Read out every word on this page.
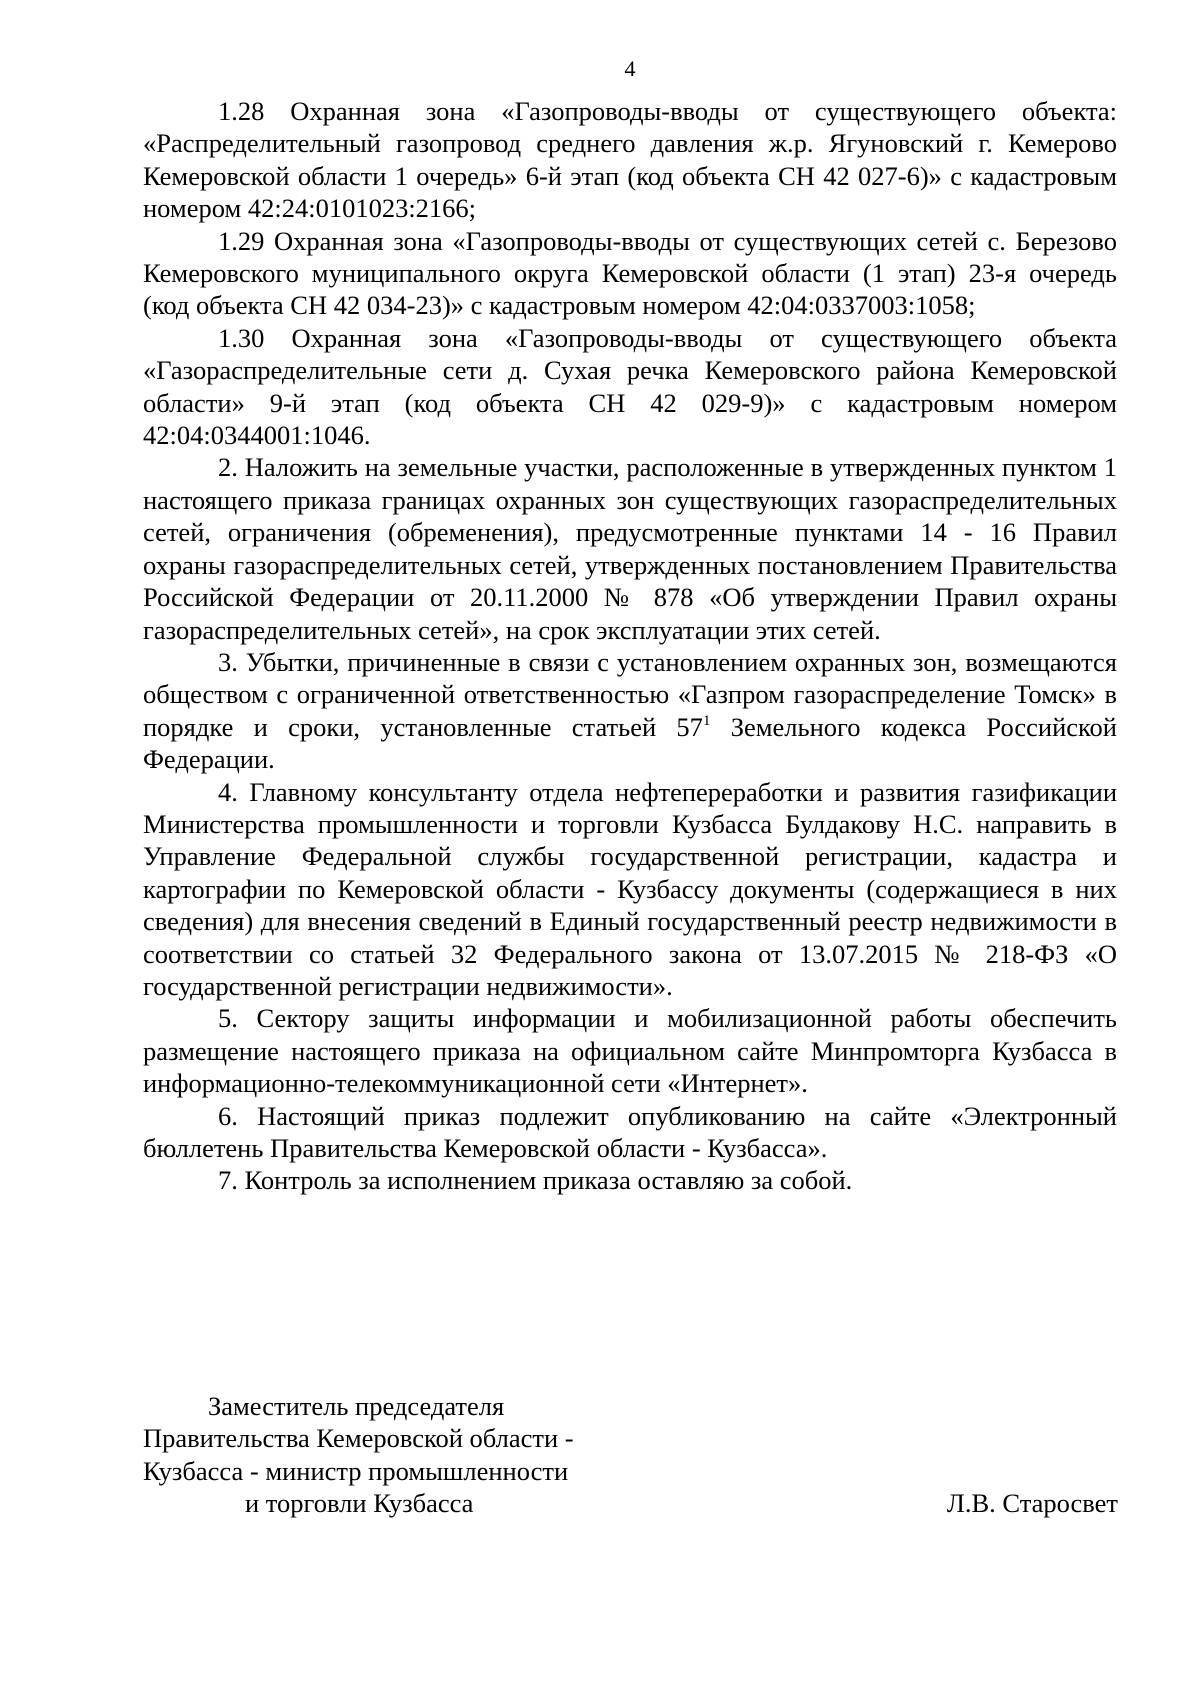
4

1.28 Охранная зона «Газопроводы-вводы от существующего объекта: «Распределительный газопровод среднего давления ж.р. Ягуновский г. Кемерово Кемеровской области 1 очередь» 6-й этап (код объекта СН 42 027-6)» с кадастровым номером 42:24:0101023:2166;

1.29 Охранная зона «Газопроводы-вводы от существующих сетей с. Березово Кемеровского муниципального округа Кемеровской области (1 этап) 23-я очередь (код объекта СН 42 034-23)» с кадастровым номером 42:04:0337003:1058;

1.30 Охранная зона «Газопроводы-вводы от существующего объекта «Газораспределительные сети д. Сухая речка Кемеровского района Кемеровской области» 9-й этап (код объекта СН 42 029-9)» с кадастровым номером 42:04:0344001:1046.

2. Наложить на земельные участки, расположенные в утвержденных пунктом 1 настоящего приказа границах охранных зон существующих газораспределительных сетей, ограничения (обременения), предусмотренные пунктами 14 - 16 Правил охраны газораспределительных сетей, утвержденных постановлением Правительства Российской Федерации от 20.11.2000 № 878 «Об утверждении Правил охраны газораспределительных сетей», на срок эксплуатации этих сетей.

3. Убытки, причиненные в связи с установлением охранных зон, возмещаются обществом с ограниченной ответственностью «Газпром газораспределение Томск» в порядке и сроки, установленные статьей $57^1$ Земельного кодекса Российской Федерации.

4. Главному консультанту отдела нефтепереработки и развития газификации Министерства промышленности и торговли Кузбасса Булдакову Н.С. направить в Управление Федеральной службы государственной регистрации, кадастра и картографии по Кемеровской области - Кузбассу документы (содержащиеся в них сведения) для внесения сведений в Единый государственный реестр недвижимости в соответствии со статьей 32 Федерального закона от 13.07.2015 № 218-ФЗ «О государственной регистрации недвижимости».

5. Сектору защиты информации и мобилизационной работы обеспечить размещение настоящего приказа на официальном сайте Минпромторга Кузбасса в информационно-телекоммуникационной сети «Интернет».

6. Настоящий приказ подлежит опубликованию на сайте «Электронный бюллетень Правительства Кемеровской области - Кузбасса».

7. Контроль за исполнением приказа оставляю за собой.

Заместитель председателя
Правительства Кемеровской области -
Кузбасса - министр промышленности
и торговли Кузбасса	Л.В. Старосвет
